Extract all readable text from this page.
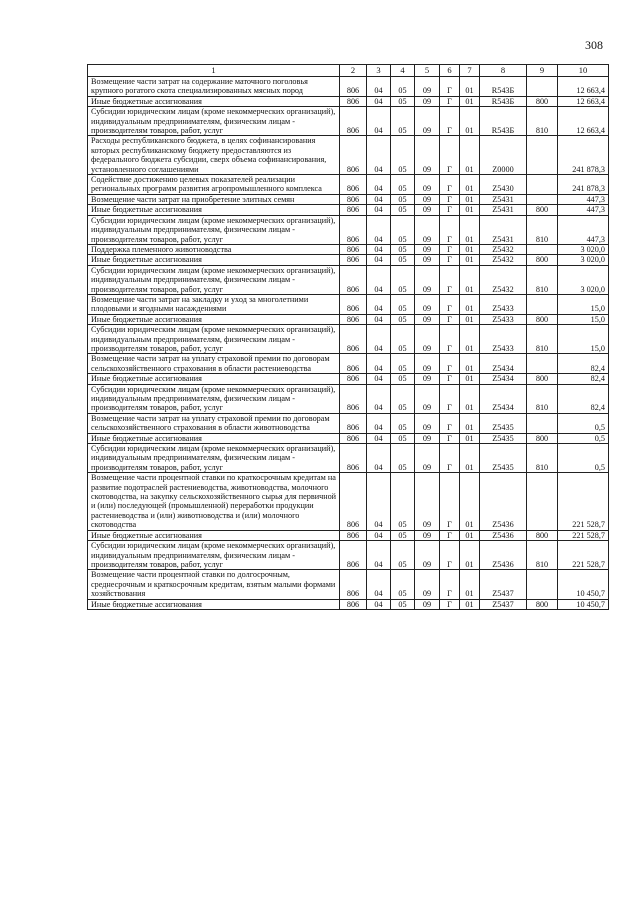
308
1	2	3	4	5	6	7	8	9	10
Возмещение части затрат на содержание маточного поголовья крупного рогатого скота специализированных мясных пород	806	04	05	09	Г	01	R543Б		12 663,4
Иные бюджетные ассигнования	806	04	05	09	Г	01	R543Б	800	12 663,4
Субсидии юридическим лицам (кроме некоммерческих организаций), индивидуальным предпринимателям, физическим лицам - производителям товаров, работ, услуг	806	04	05	09	Г	01	R543Б	810	12 663,4
Расходы республиканского бюджета, в целях софинансирования которых республиканскому бюджету предоставляются из федерального бюджета субсидии, сверх объема софинансирования, установленного соглашениями	806	04	05	09	Г	01	Z0000		241 878,3
Содействие достижению целевых показателей реализации региональных программ развития агропромышленного комплекса	806	04	05	09	Г	01	Z5430		241 878,3
Возмещение части затрат на приобретение элитных семян	806	04	05	09	Г	01	Z5431		447,3
Иные бюджетные ассигнования	806	04	05	09	Г	01	Z5431	800	447,3
Субсидии юридическим лицам (кроме некоммерческих организаций), индивидуальным предпринимателям, физическим лицам - производителям товаров, работ, услуг	806	04	05	09	Г	01	Z5431	810	447,3
Поддержка племенного животноводства	806	04	05	09	Г	01	Z5432		3 020,0
Иные бюджетные ассигнования	806	04	05	09	Г	01	Z5432	800	3 020,0
Субсидии юридическим лицам (кроме некоммерческих организаций), индивидуальным предпринимателям, физическим лицам - производителям товаров, работ, услуг	806	04	05	09	Г	01	Z5432	810	3 020,0
Возмещение части затрат на закладку и уход за многолетними плодовыми и ягодными насаждениями	806	04	05	09	Г	01	Z5433		15,0
Иные бюджетные ассигнования	806	04	05	09	Г	01	Z5433	800	15,0
Субсидии юридическим лицам (кроме некоммерческих организаций), индивидуальным предпринимателям, физическим лицам - производителям товаров, работ, услуг	806	04	05	09	Г	01	Z5433	810	15,0
Возмещение части затрат на уплату страховой премии по договорам сельскохозяйственного страхования в области растениеводства	806	04	05	09	Г	01	Z5434		82,4
Иные бюджетные ассигнования	806	04	05	09	Г	01	Z5434	800	82,4
Субсидии юридическим лицам (кроме некоммерческих организаций), индивидуальным предпринимателям, физическим лицам - производителям товаров, работ, услуг	806	04	05	09	Г	01	Z5434	810	82,4
Возмещение части затрат на уплату страховой премии по договорам сельскохозяйственного страхования в области животноводства	806	04	05	09	Г	01	Z5435		0,5
Иные бюджетные ассигнования	806	04	05	09	Г	01	Z5435	800	0,5
Субсидии юридическим лицам (кроме некоммерческих организаций), индивидуальным предпринимателям, физическим лицам - производителям товаров, работ, услуг	806	04	05	09	Г	01	Z5435	810	0,5
Возмещение части процентной ставки по краткосрочным кредитам на развитие подотраслей растениеводства, животноводства, молочного скотоводства, на закупку сельскохозяйственного сырья для первичной и (или) последующей (промышленной) переработки продукции растениеводства и (или) животноводства и (или) молочного скотоводства	806	04	05	09	Г	01	Z5436		221 528,7
Иные бюджетные ассигнования	806	04	05	09	Г	01	Z5436	800	221 528,7
Субсидии юридическим лицам (кроме некоммерческих организаций), индивидуальным предпринимателям, физическим лицам - производителям товаров, работ, услуг	806	04	05	09	Г	01	Z5436	810	221 528,7
Возмещение части процентной ставки по долгосрочным, среднесрочным и краткосрочным кредитам, взятым малыми формами хозяйствования	806	04	05	09	Г	01	Z5437		10 450,7
Иные бюджетные ассигнования	806	04	05	09	Г	01	Z5437	800	10 450,7
